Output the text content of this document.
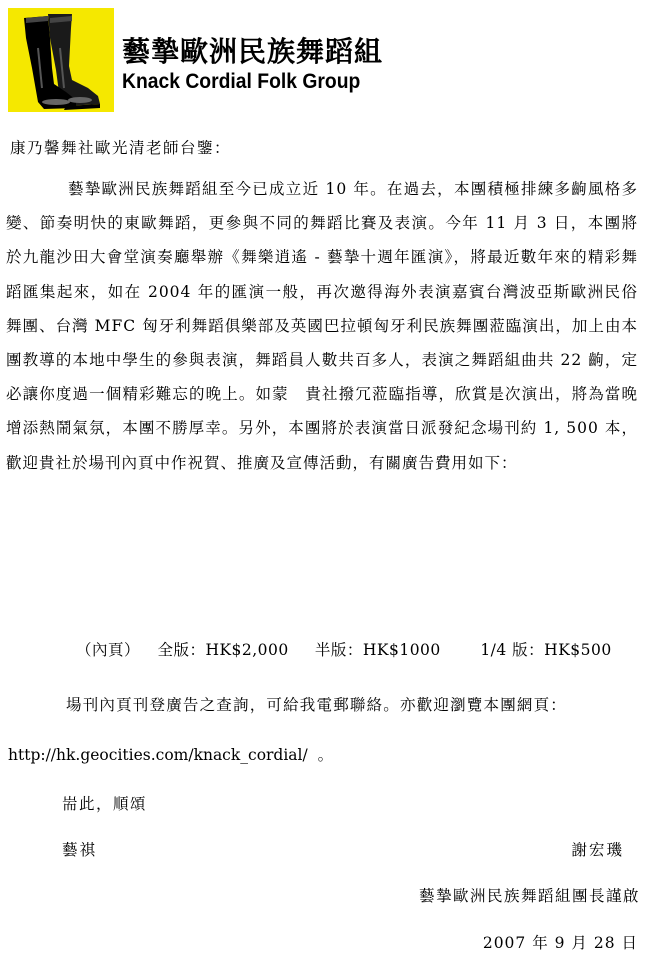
藝摯歐洲民族舞蹈組
Knack Cordial Folk Group
康乃馨舞社歐光清老師台鑒：

藝摯歐洲民族舞蹈組至今已成立近 10 年。在過去，本團積極排練多齣風格多變、節奏明快的東歐舞蹈，更參與不同的舞蹈比賽及表演。今年 11 月 3 日，本團將於九龍沙田大會堂演奏廳舉辦《舞樂逍遙 - 藝摯十週年匯演》，將最近數年來的精彩舞蹈匯集起來，如在 2004 年的匯演一般，再次邀得海外表演嘉賓台灣波亞斯歐洲民俗舞團、台灣 MFC 匈牙利舞蹈俱樂部及英國巴拉頓匈牙利民族舞團蒞臨演出，加上由本團教導的本地中學生的參與表演，舞蹈員人數共百多人，表演之舞蹈組曲共 22 齣，定必讓你度過一個精彩難忘的晚上。如蒙　貴社撥冗蒞臨指導，欣賞是次演出，將為當晚增添熱鬧氣氛，本團不勝厚幸。另外，本團將於表演當日派發紀念場刊約 1, 500 本，歡迎貴社於場刊內頁中作祝賀、推廣及宣傳活動，有關廣告費用如下：

（內頁） 全版：HK$2,000 半版：HK$1000	1/4 版：HK$500
場刊內頁刊登廣告之查詢，可給我電郵聯絡。亦歡迎瀏覽本團網頁：
http://hk.geocities.com/knack_cordial/ 。
耑此，順頌
藝祺	謝宏璣
藝摯歐洲民族舞蹈組團長謹啟
2007 年 9 月 28 日
